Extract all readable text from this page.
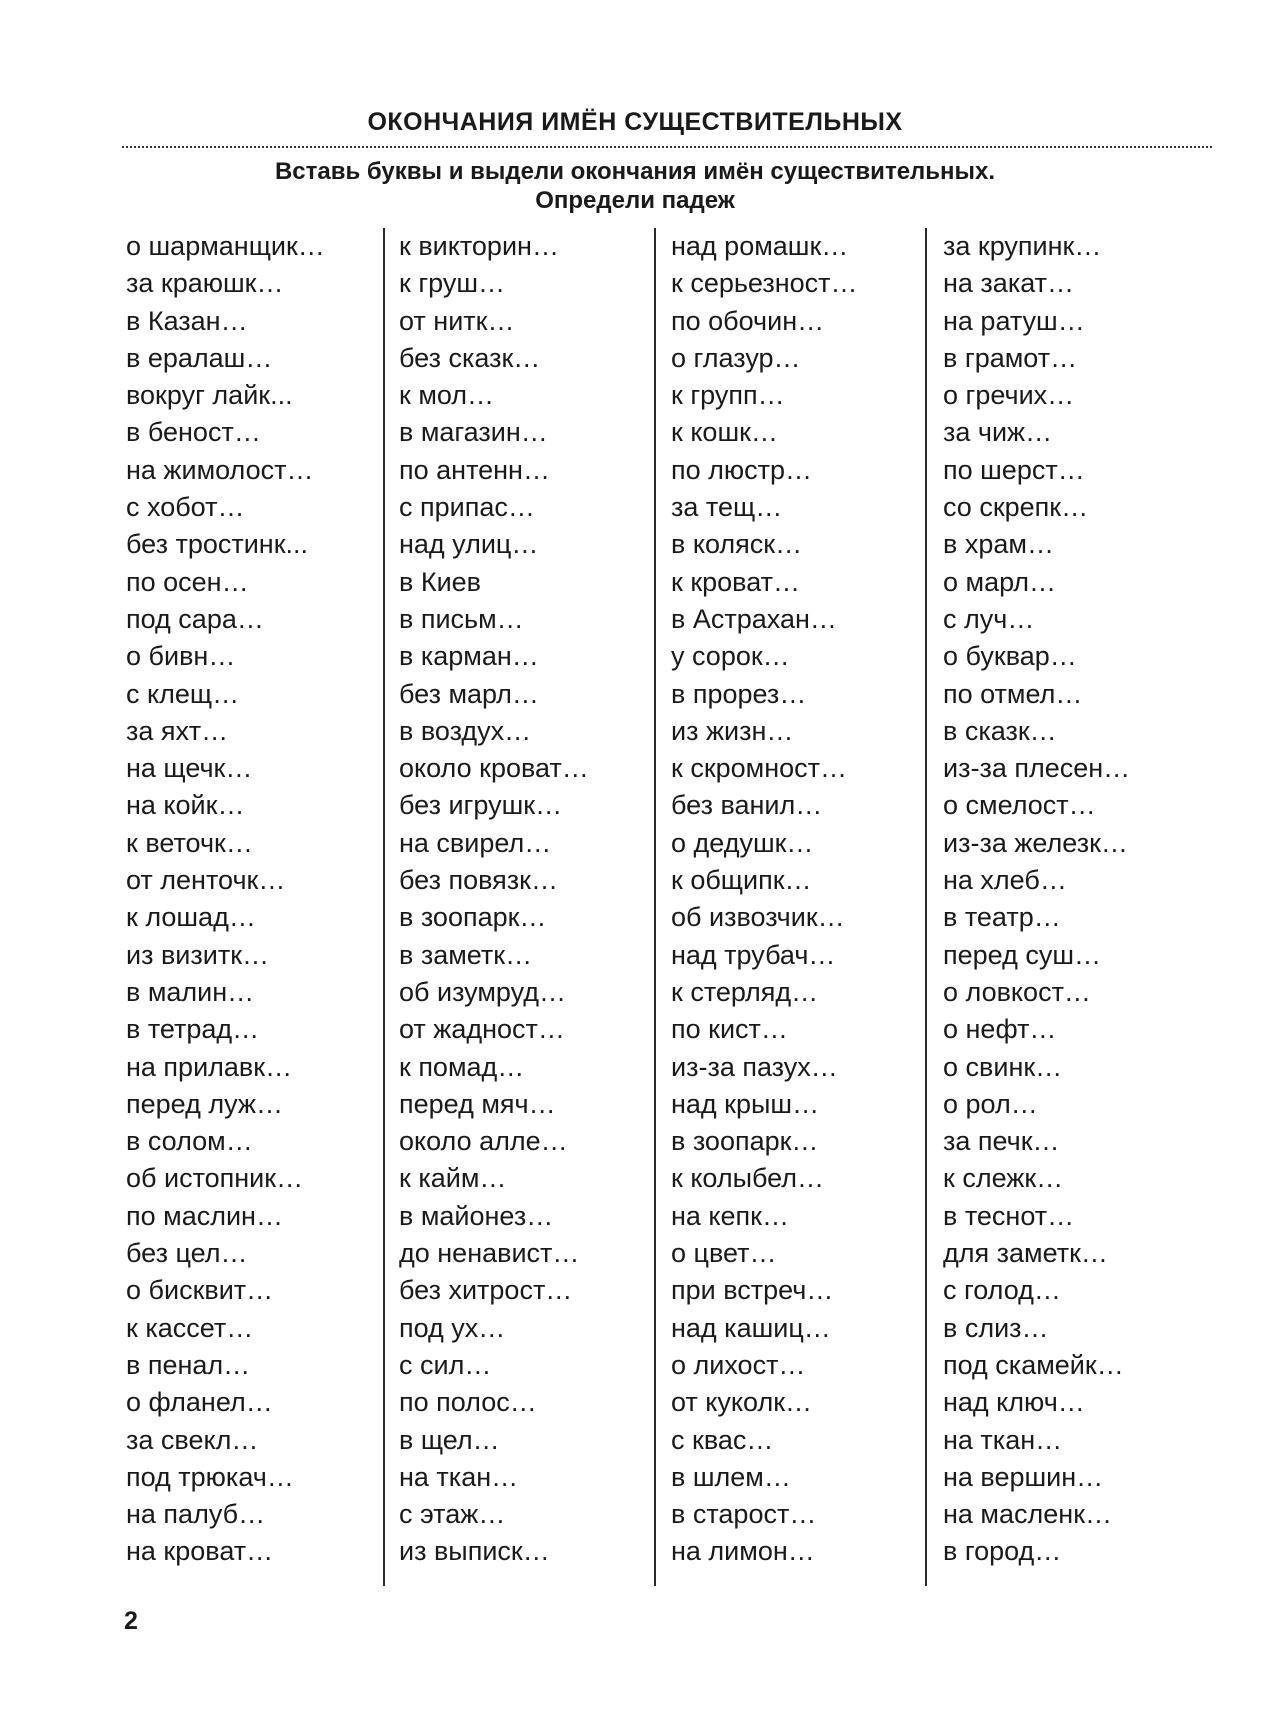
ОКОНЧАНИЯ ИМЁН СУЩЕСТВИТЕЛЬНЫХ

Вставь буквы и выдели окончания имён существительных.
Определи падеж

о шарманщик…
за краюшк…
в Казан…
в ералаш…
вокруг лайк...
в беност…
на жимолост…
с хобот…
без тростинк...
по осен…
под сара…
о бивн…
с клещ…
за яхт…
на щечк…
на койк…
к веточк…
от ленточк…
к лошад…
из визитк…
в малин…
в тетрад…
на прилавк…
перед луж…
в солом…
об истопник…
по маслин…
без цел…
о бисквит…
к кассет…
в пенал…
о фланел…
за свекл…
под трюкач…
на палуб…
на кроват…
к викторин…
к груш…
от нитк…
без сказк…
к мол…
в магазин…
по антенн…
с припас…
над улиц…
в Киев
в письм…
в карман…
без марл…
в воздух…
около кроват…
без игрушк…
на свирел…
без повязк…
в зоопарк…
в заметк…
об изумруд…
от жадност…
к помад…
перед мяч…
около алле…
к кайм…
в майонез…
до ненавист…
без хитрост…
под ух…
с сил…
по полос…
в щел…
на ткан…
с этаж…
из выписк…
над ромашк…
к серьезност…
по обочин…
о глазур…
к групп…
к кошк…
по люстр…
за тещ…
в коляск…
к кроват…
в Астрахан…
у сорок…
в прорез…
из жизн…
к скромност…
без ванил…
о дедушк…
к общипк…
об извозчик…
над трубач…
к стерляд…
по кист…
из-за пазух…
над крыш…
в зоопарк…
к колыбел…
на кепк…
о цвет…
при встреч…
над кашиц…
о лихост…
от куколк…
с квас…
в шлем…
в старост…
на лимон…
за крупинк…
на закат…
на ратуш…
в грамот…
о гречих…
за чиж…
по шерст…
со скрепк…
в храм…
о марл…
с луч…
о буквар…
по отмел…
в сказк…
из-за плесен…
о смелост…
из-за железк…
на хлеб…
в театр…
перед суш…
о ловкост…
о нефт…
о свинк…
о рол…
за печк…
к слежк…
в теснот…
для заметк…
с голод…
в слиз…
под скамейк…
над ключ…
на ткан…
на вершин…
на масленк…
в город…

2
